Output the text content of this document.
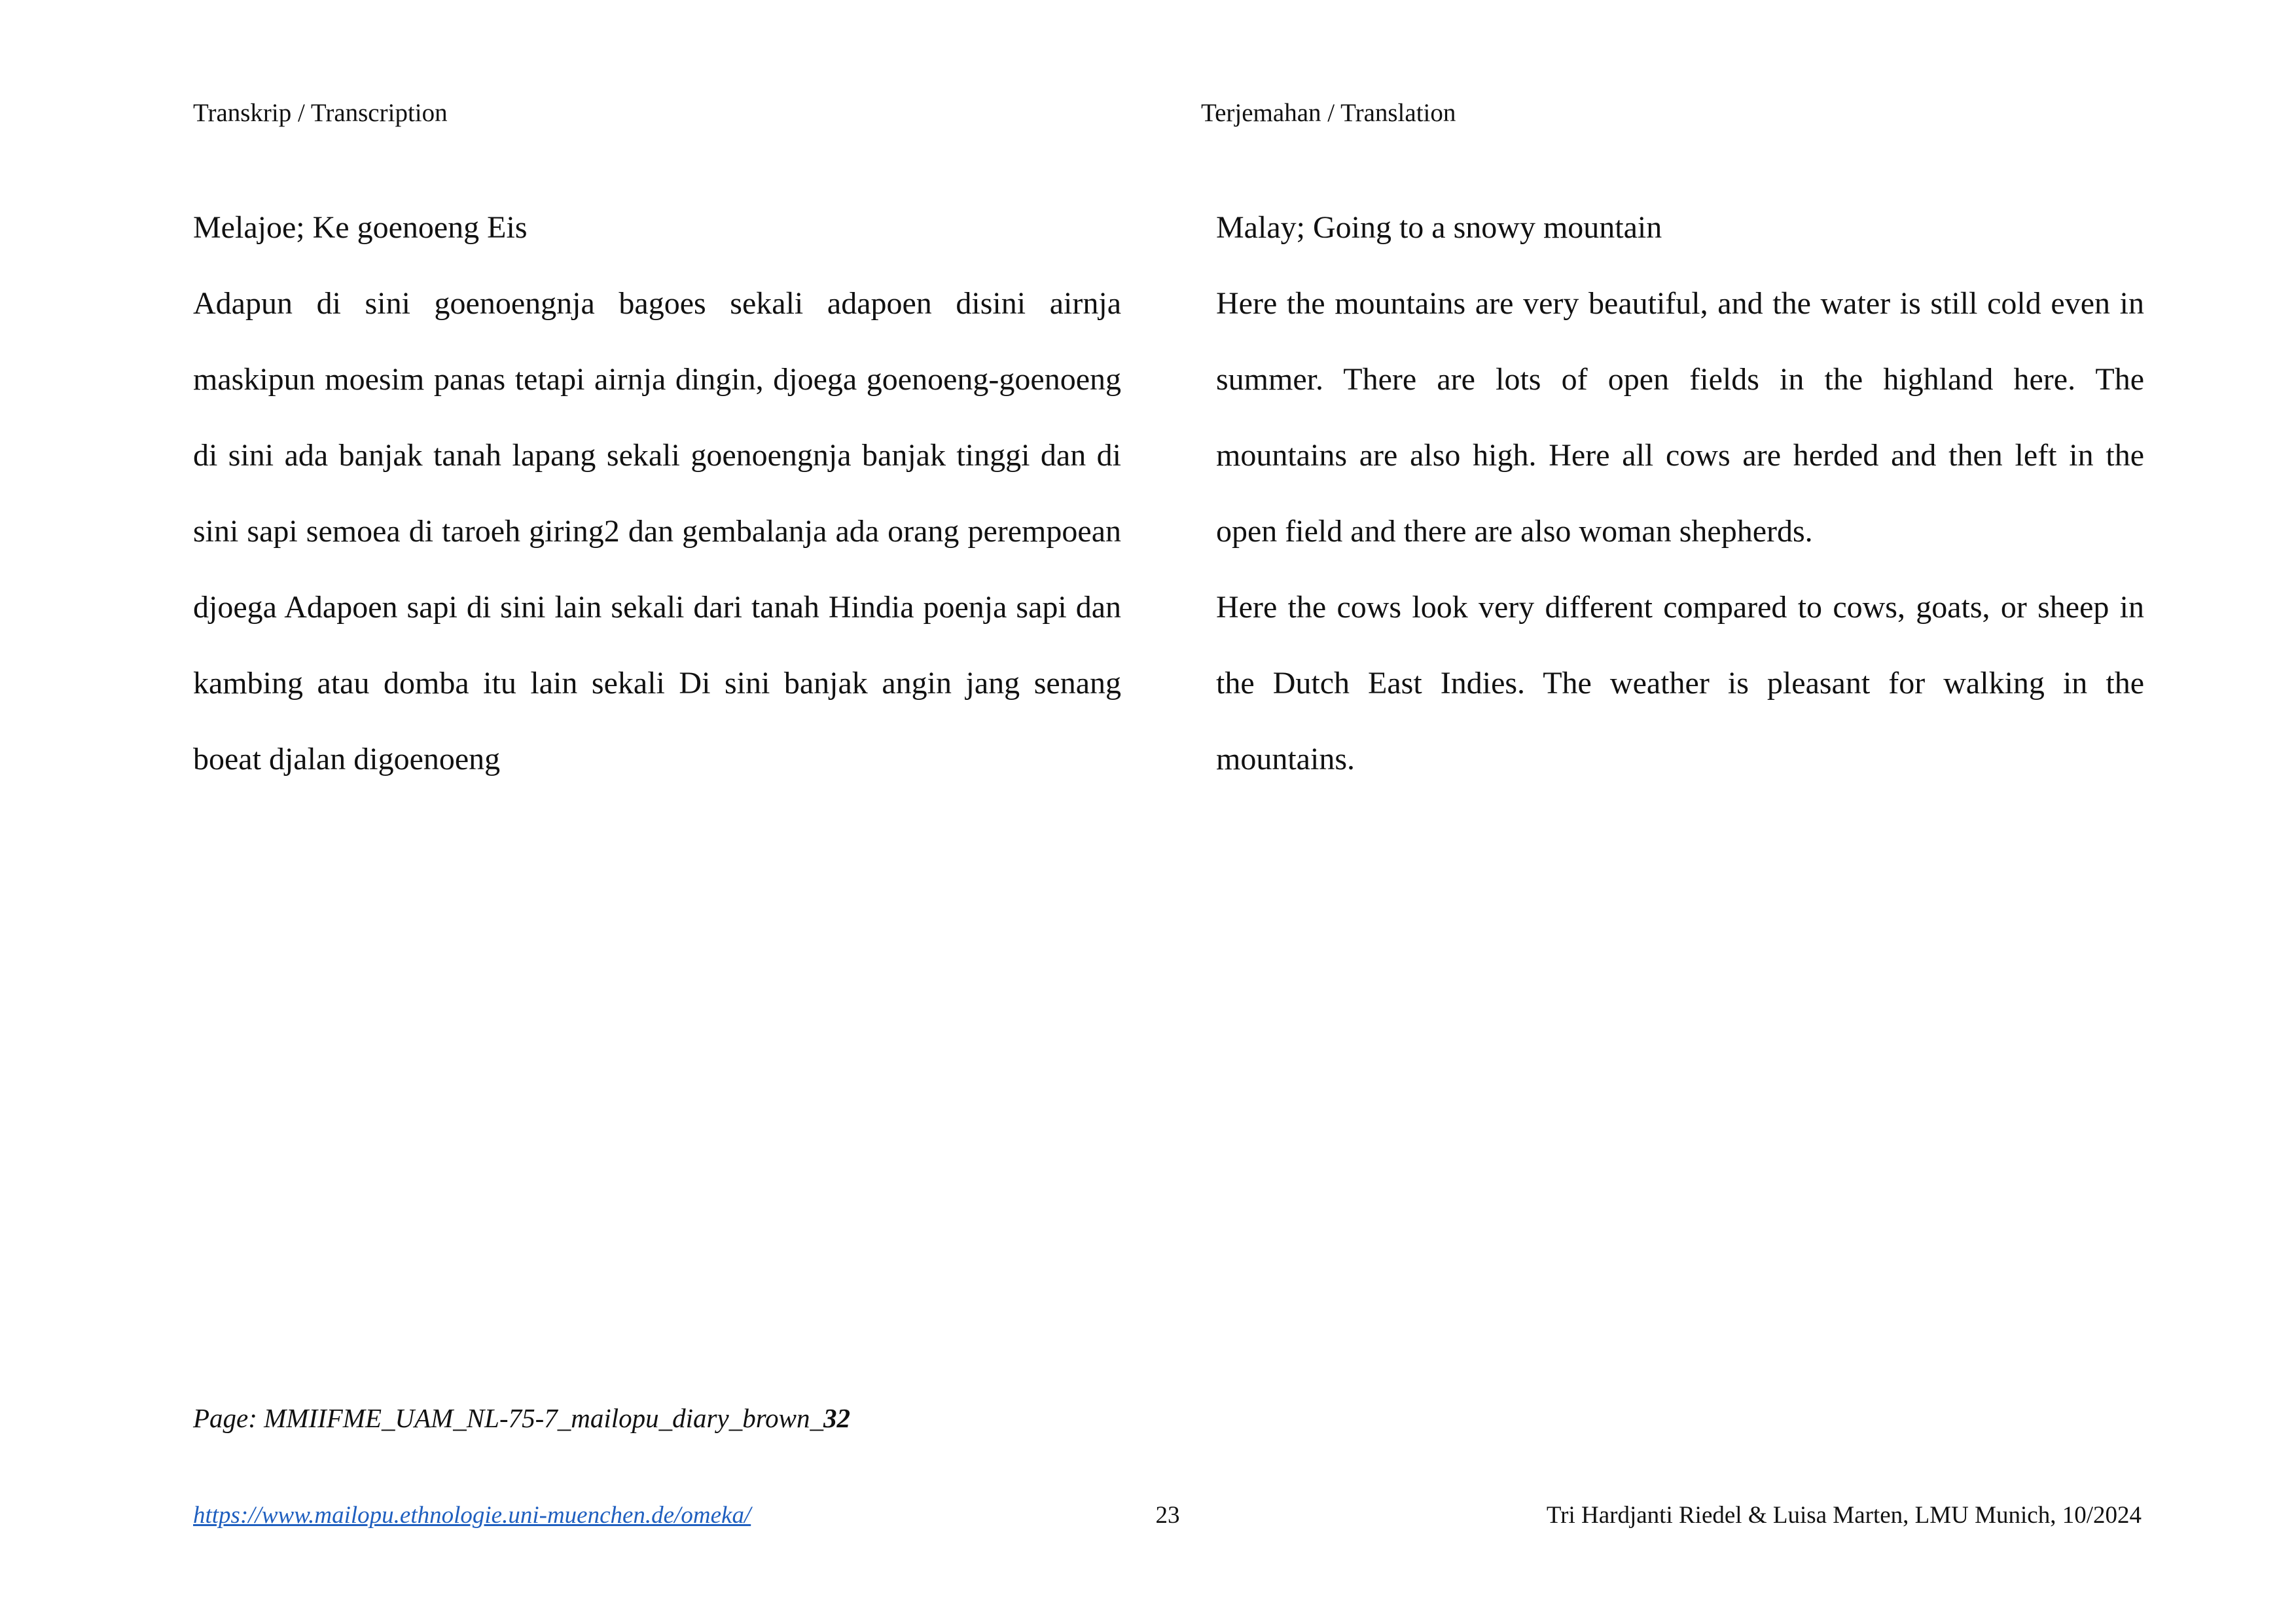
Transkrip / Transcription	Terjemahan / Translation
Melajoe; Ke goenoeng Eis
Adapun di sini goenoengnja bagoes sekali adapoen disini airnja maskipun moesim panas tetapi airnja dingin, djoega goenoeng-goenoeng di sini ada banjak tanah lapang sekali goenoengnja banjak tinggi dan di sini sapi semoea di taroeh giring2 dan gembalanja ada orang perempoean djoega Adapoen sapi di sini lain sekali dari tanah Hindia poenja sapi dan kambing atau domba itu lain sekali Di sini banjak angin jang senang boeat djalan digoenoeng
Malay; Going to a snowy mountain
Here the mountains are very beautiful, and the water is still cold even in summer. There are lots of open fields in the highland here. The mountains are also high. Here all cows are herded and then left in the open field and there are also woman shepherds.
Here the cows look very different compared to cows, goats, or sheep in the Dutch East Indies. The weather is pleasant for walking in the mountains.
Page: MMIIFME_UAM_NL-75-7_mailopu_diary_brown_32
https://www.mailopu.ethnologie.uni-muenchen.de/omeka/	23	Tri Hardjanti Riedel & Luisa Marten, LMU Munich, 10/2024
